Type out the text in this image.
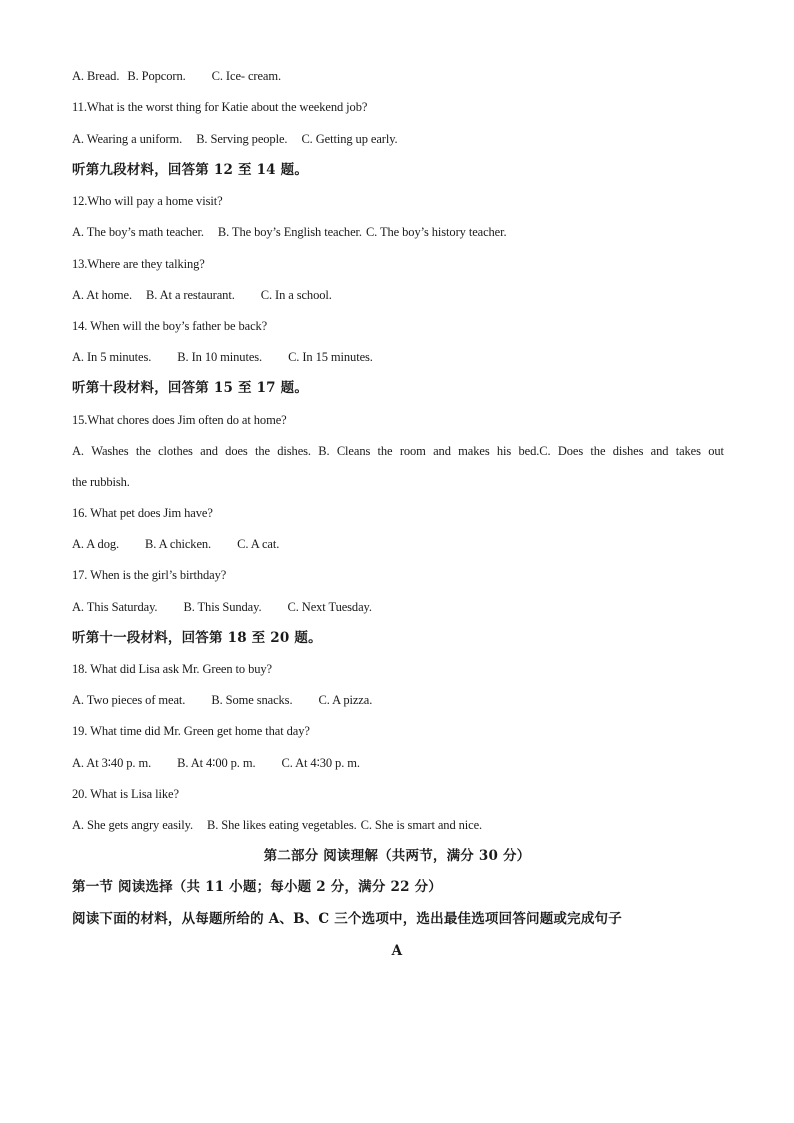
A. Bread. B. Popcorn. C. Ice- cream.
11.What is the worst thing for Katie about the weekend job?
A. Wearing a uniform. B. Serving people. C. Getting up early.
听第九段材料，回答第 12 至 14 题。
12.Who will pay a home visit?
A. The boy’s math teacher. B. The boy’s English teacher. C. The boy’s history teacher.
13.Where are they talking?
A. At home. B. At a restaurant. C. In a school.
14. When will the boy’s father be back?
A. In 5 minutes. B. In 10 minutes. C. In 15 minutes.
听第十段材料，回答第 15 至 17 题。
15.What chores does Jim often do at home?
A. Washes the clothes and does the dishes. B. Cleans the room and makes his bed.C. Does the dishes and takes out
the rubbish.
16. What pet does Jim have?
A. A dog. B. A chicken. C. A cat.
17. When is the girl’s birthday?
A. This Saturday. B. This Sunday. C. Next Tuesday.
听第十一段材料，回答第 18 至 20 题。
18. What did Lisa ask Mr. Green to buy?
A. Two pieces of meat. B. Some snacks. C. A pizza.
19. What time did Mr. Green get home that day?
A. At 3∶40 p. m. B. At 4∶00 p. m. C. At 4∶30 p. m.
20. What is Lisa like?
A. She gets angry easily. B. She likes eating vegetables. C. She is smart and nice.
第二部分 阅读理解（共两节，满分 30 分）
第一节 阅读选择（共 11 小题；每小题 2 分，满分 22 分）
阅读下面的材料，从每题所给的 A、B、C 三个选项中，选出最佳选项回答问题或完成句子
A
